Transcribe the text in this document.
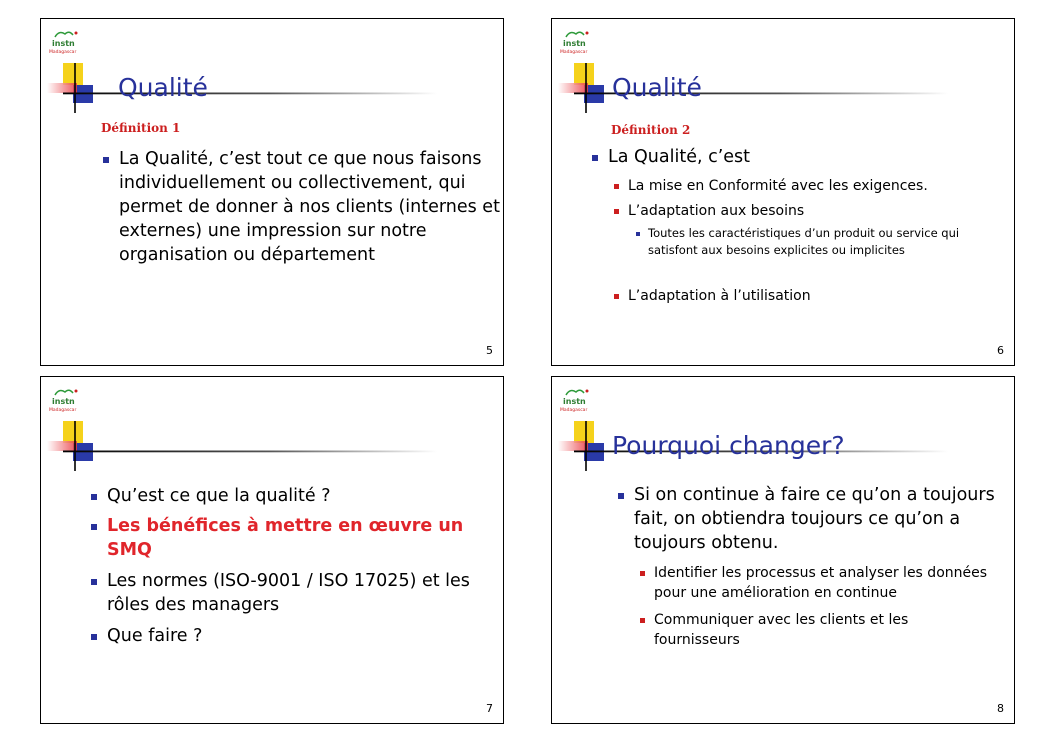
Qualité
Définition 1
La Qualité, c’est tout ce que nous faisons individuellement ou collectivement, qui permet de donner à nos clients (internes et externes) une impression sur notre organisation ou département
5
Qualité
Définition 2
La Qualité, c’est
La mise en Conformité avec les exigences.
L’adaptation aux besoins
Toutes les caractéristiques d’un produit ou service qui satisfont aux besoins explicites ou implicites
L’adaptation à l’utilisation
6
Qu’est ce que la qualité ?
Les bénéfices à mettre en œuvre un SMQ
Les normes (ISO-9001 / ISO 17025) et les rôles des managers
Que faire ?
7
Pourquoi changer?
Si on continue à faire ce qu’on a toujours fait, on obtiendra toujours ce qu’on a toujours obtenu.
Identifier les processus et analyser les données pour une amélioration en continue
Communiquer avec les clients et les fournisseurs
8
